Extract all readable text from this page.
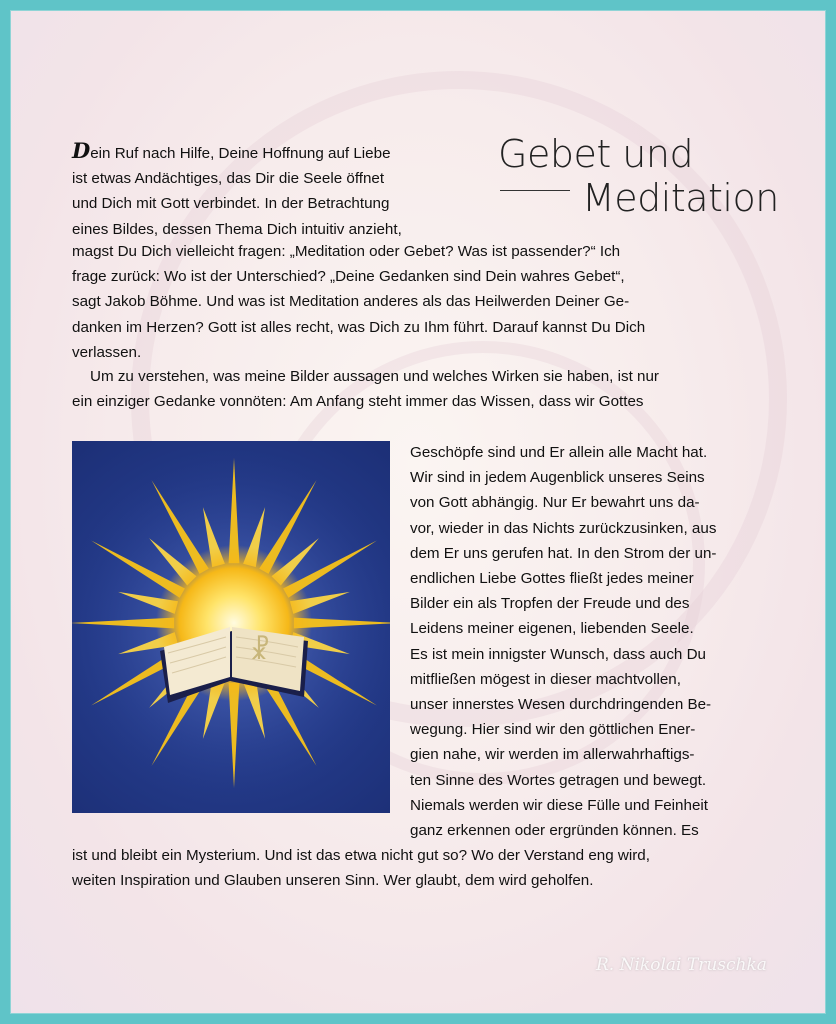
Gebet und
Meditation
Dein Ruf nach Hilfe, Deine Hoffnung auf Liebe
ist etwas Andächtiges, das Dir die Seele öffnet
und Dich mit Gott verbindet. In der Betrachtung
eines Bildes, dessen Thema Dich intuitiv anzieht,
magst Du Dich vielleicht fragen: „Meditation oder Gebet? Was ist passender?“ Ich
frage zurück: Wo ist der Unterschied? „Deine Gedanken sind Dein wahres Gebet“,
sagt Jakob Böhme. Und was ist Meditation anderes als das Heilwerden Deiner Ge-
danken im Herzen? Gott ist alles recht, was Dich zu Ihm führt. Darauf kannst Du Dich
verlassen.
Um zu verstehen, was meine Bilder aussagen und welches Wirken sie haben, ist nur
ein einziger Gedanke vonnöten: Am Anfang steht immer das Wissen, dass wir Gottes
☧
Geschöpfe sind und Er allein alle Macht hat.
Wir sind in jedem Augenblick unseres Seins
von Gott abhängig. Nur Er bewahrt uns da-
vor, wieder in das Nichts zurückzusinken, aus
dem Er uns gerufen hat. In den Strom der un-
endlichen Liebe Gottes fließt jedes meiner
Bilder ein als Tropfen der Freude und des
Leidens meiner eigenen, liebenden Seele.
Es ist mein innigster Wunsch, dass auch Du
mitfließen mögest in dieser machtvollen,
unser innerstes Wesen durchdringenden Be-
wegung. Hier sind wir den göttlichen Ener-
gien nahe, wir werden im allerwahrhaftigs-
ten Sinne des Wortes getragen und bewegt.
Niemals werden wir diese Fülle und Feinheit
ganz erkennen oder ergründen können. Es
ist und bleibt ein Mysterium. Und ist das etwa nicht gut so? Wo der Verstand eng wird,
weiten Inspiration und Glauben unseren Sinn. Wer glaubt, dem wird geholfen.
R. Nikolai Truschka
